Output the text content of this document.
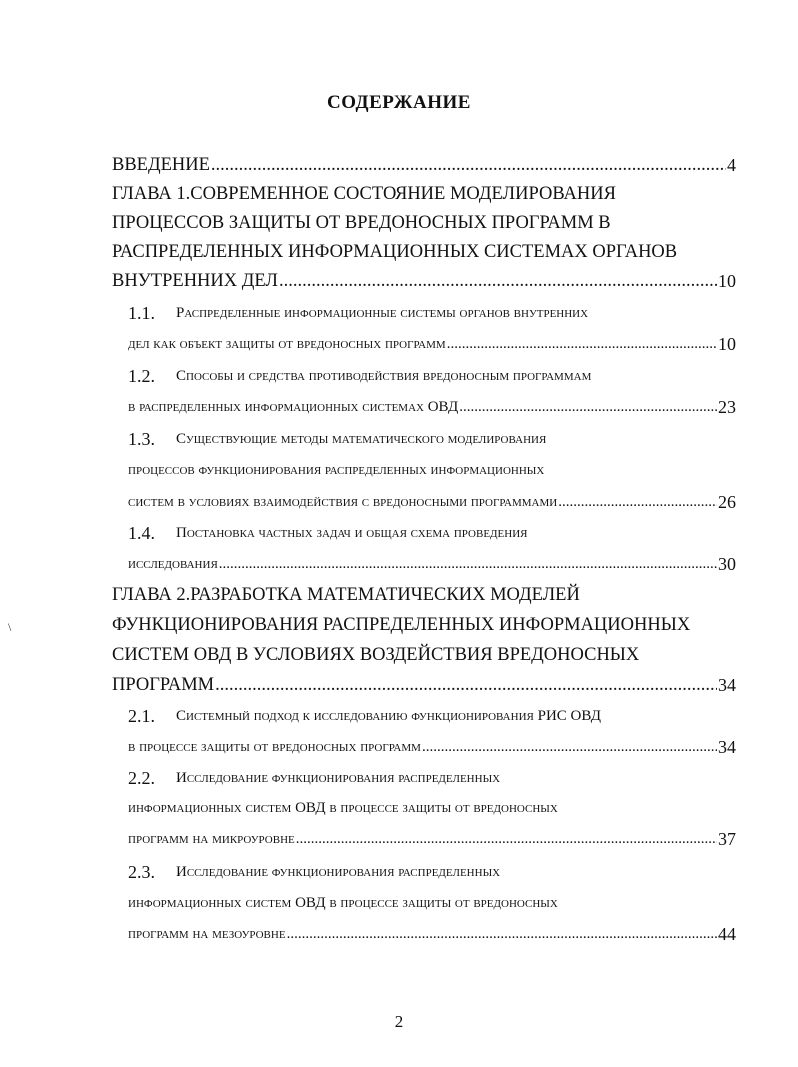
СОДЕРЖАНИЕ
ВВЕДЕНИЕ .....	4
ГЛАВА 1.СОВРЕМЕННОЕ СОСТОЯНИЕ МОДЕЛИРОВАНИЯ
ПРОЦЕССОВ ЗАЩИТЫ ОТ ВРЕДОНОСНЫХ ПРОГРАММ В
РАСПРЕДЕЛЕННЫХ ИНФОРМАЦИОННЫХ СИСТЕМАХ ОРГАНОВ
ВНУТРЕННИХ ДЕЛ .....	10
1.1.	Распределенные информационные системы органов внутренних
дел как объект защиты от вредоносных программ .....	10
1.2.	Способы и средства противодействия вредоносным программам
в распределенных информационных системах ОВД .....	23
1.3.	Существующие методы математического моделирования
процессов функционирования распределенных информационных
систем в условиях взаимодействия с вредоносными программами .....	26
1.4.	Постановка частных задач и общая схема проведения
исследования .....	30
ГЛАВА 2.РАЗРАБОТКА МАТЕМАТИЧЕСКИХ МОДЕЛЕЙ
ФУНКЦИОНИРОВАНИЯ РАСПРЕДЕЛЕННЫХ ИНФОРМАЦИОННЫХ
СИСТЕМ ОВД В УСЛОВИЯХ ВОЗДЕЙСТВИЯ ВРЕДОНОСНЫХ
ПРОГРАММ .....	34
2.1.	Системный подход к исследованию функционирования РИС ОВД
в процессе защиты от вредоносных программ .....	34
2.2.	Исследование функционирования распределенных
информационных систем ОВД в процессе защиты от вредоносных
программ на микроуровне .....	37
2.3.	Исследование функционирования распределенных
информационных систем ОВД в процессе защиты от вредоносных
программ на мезоуровне .....	44
2
\
